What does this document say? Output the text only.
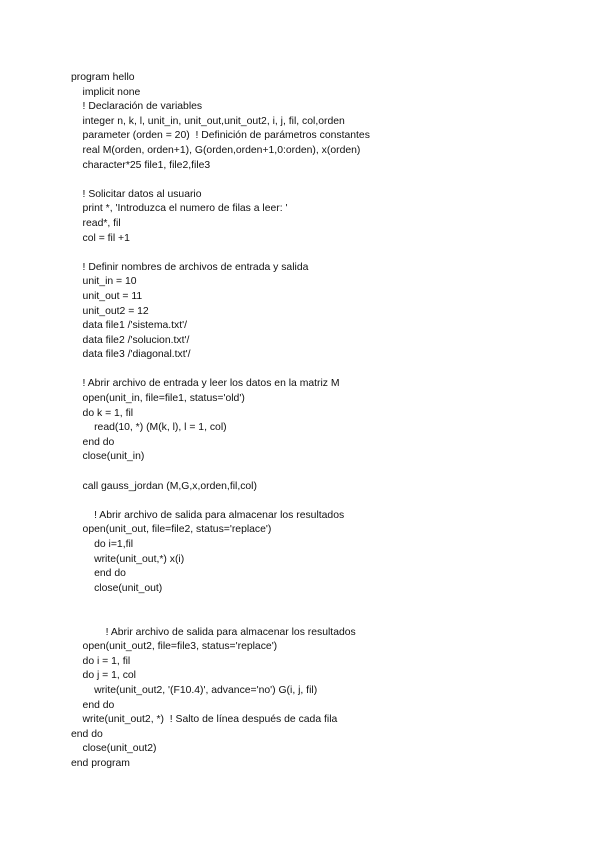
program hello
implicit none
! Declaración de variables
integer n, k, l, unit_in, unit_out,unit_out2, i, j, fil, col,orden
parameter (orden = 20)  ! Definición de parámetros constantes
real M(orden, orden+1), G(orden,orden+1,0:orden), x(orden)
character*25 file1, file2,file3
! Solicitar datos al usuario
print *, 'Introduzca el numero de filas a leer: '
read*, fil
col = fil +1
! Definir nombres de archivos de entrada y salida
unit_in = 10
unit_out = 11
unit_out2 = 12
data file1 /'sistema.txt'/
data file2 /'solucion.txt'/
data file3 /'diagonal.txt'/
! Abrir archivo de entrada y leer los datos en la matriz M
open(unit_in, file=file1, status='old')
do k = 1, fil
read(10, *) (M(k, l), l = 1, col)
end do
close(unit_in)
call gauss_jordan (M,G,x,orden,fil,col)
! Abrir archivo de salida para almacenar los resultados
open(unit_out, file=file2, status='replace')
do i=1,fil
write(unit_out,*) x(i)
end do
close(unit_out)
! Abrir archivo de salida para almacenar los resultados
open(unit_out2, file=file3, status='replace')
do i = 1, fil
do j = 1, col
write(unit_out2, '(F10.4)', advance='no') G(i, j, fil)
end do
write(unit_out2, *)  ! Salto de línea después de cada fila
end do
close(unit_out2)
end program
